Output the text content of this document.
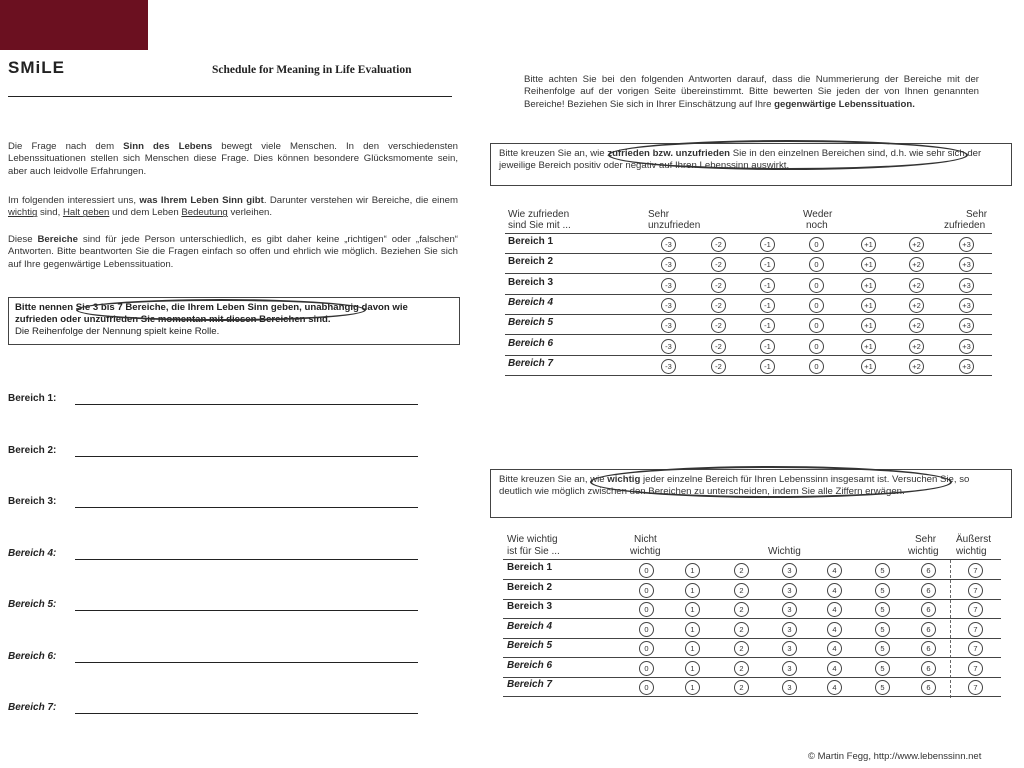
SMiLE	Schedule for Meaning in Life Evaluation
Die Frage nach dem Sinn des Lebens bewegt viele Menschen. In den verschiedensten Lebenssituationen stellen sich Menschen diese Frage. Dies können besondere Glücksmomente sein, aber auch leidvolle Erfahrungen.
Im folgenden interessiert uns, was Ihrem Leben Sinn gibt. Darunter verstehen wir Bereiche, die einem wichtig sind, Halt geben und dem Leben Bedeutung verleihen.
Diese Bereiche sind für jede Person unterschiedlich, es gibt daher keine „richtigen“ oder „falschen“ Antworten. Bitte beantworten Sie die Fragen einfach so offen und ehrlich wie möglich. Beziehen Sie sich auf Ihre gegenwärtige Lebenssituation.
Bitte nennen Sie 3 bis 7 Bereiche, die Ihrem Leben Sinn geben, unabhängig davon wie zufrieden oder unzufrieden Sie momentan mit diesen Bereichen sind.
Die Reihenfolge der Nennung spielt keine Rolle.
Bereich 1:
Bereich 2:
Bereich 3:
Bereich 4:
Bereich 5:
Bereich 6:
Bereich 7:
Bitte achten Sie bei den folgenden Antworten darauf, dass die Nummerierung der Bereiche mit der Reihenfolge auf der vorigen Seite übereinstimmt. Bitte bewerten Sie jeden der von Ihnen genannten Bereiche! Beziehen Sie sich in Ihrer Einschätzung auf Ihre gegenwärtige Lebenssituation.
Bitte kreuzen Sie an, wie zufrieden bzw. unzufrieden Sie in den einzelnen Bereichen sind, d.h. wie sehr sich der jeweilige Bereich positiv oder negativ auf Ihren Lebenssinn auswirkt.
Wie zufrieden
sind Sie mit ...
Sehr
unzufrieden
Weder
noch
Sehr
zufrieden
Bereich 1	-3	-2	-1	0	+1	+2	+3
Bereich 2	-3	-2	-1	0	+1	+2	+3
Bereich 3	-3	-2	-1	0	+1	+2	+3
Bereich 4	-3	-2	-1	0	+1	+2	+3
Bereich 5	-3	-2	-1	0	+1	+2	+3
Bereich 6	-3	-2	-1	0	+1	+2	+3
Bereich 7	-3	-2	-1	0	+1	+2	+3
Bitte kreuzen Sie an, wie wichtig jeder einzelne Bereich für Ihren Lebenssinn insgesamt ist. Versuchen Sie, so deutlich wie möglich zwischen den Bereichen zu unterscheiden, indem Sie alle Ziffern erwägen.
Wie wichtig
ist für Sie ...
Nicht
wichtig	Wichtig
Sehr
wichtig
Äußerst
wichtig
Bereich 1	0	1	2	3	4	5	6	7
Bereich 2	0	1	2	3	4	5	6	7
Bereich 3	0	1	2	3	4	5	6	7
Bereich 4	0	1	2	3	4	5	6	7
Bereich 5	0	1	2	3	4	5	6	7
Bereich 6	0	1	2	3	4	5	6	7
Bereich 7	0	1	2	3	4	5	6	7
© Martin Fegg, http://www.lebenssinn.net
